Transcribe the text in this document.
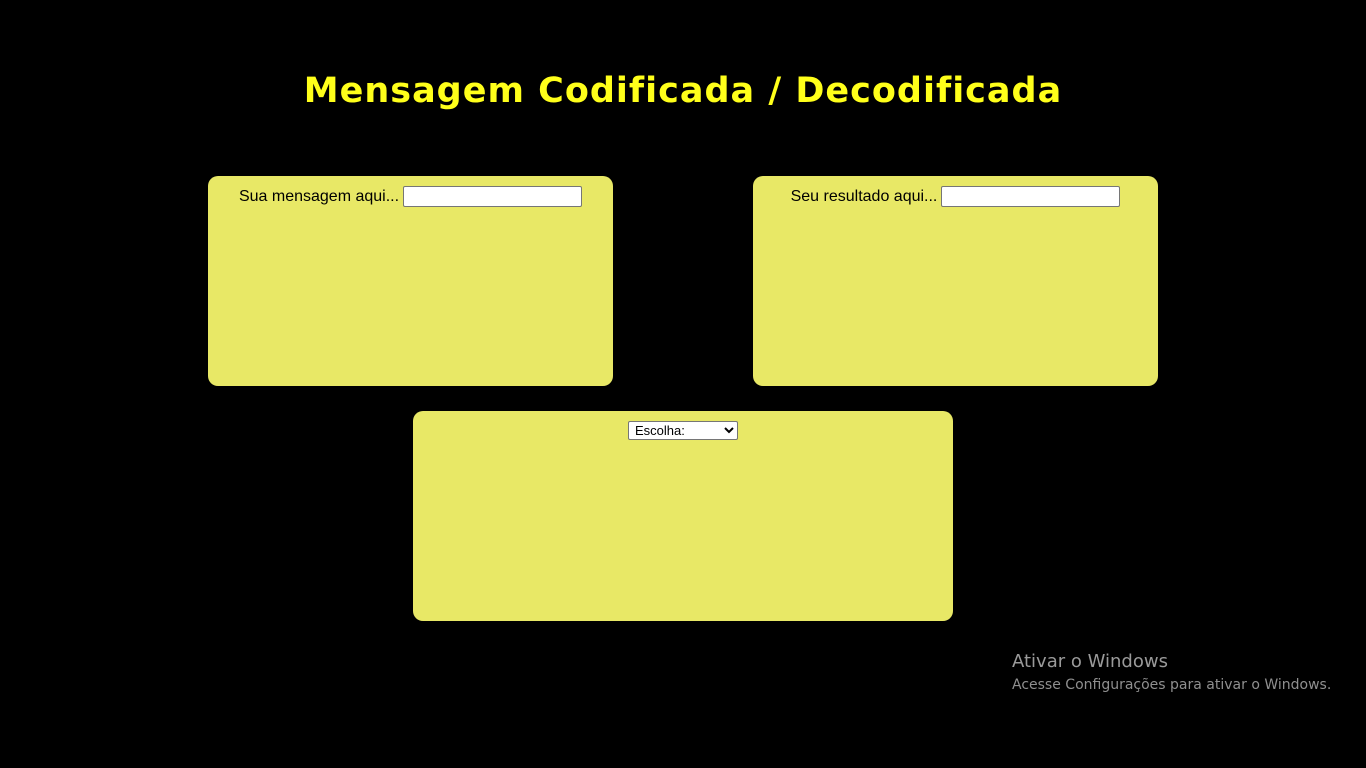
Mensagem Codificada / Decodificada
Sua mensagem aqui...	Seu resultado aqui...
Escolha:
Ativar o Windows
Acesse Configurações para ativar o Windows.
